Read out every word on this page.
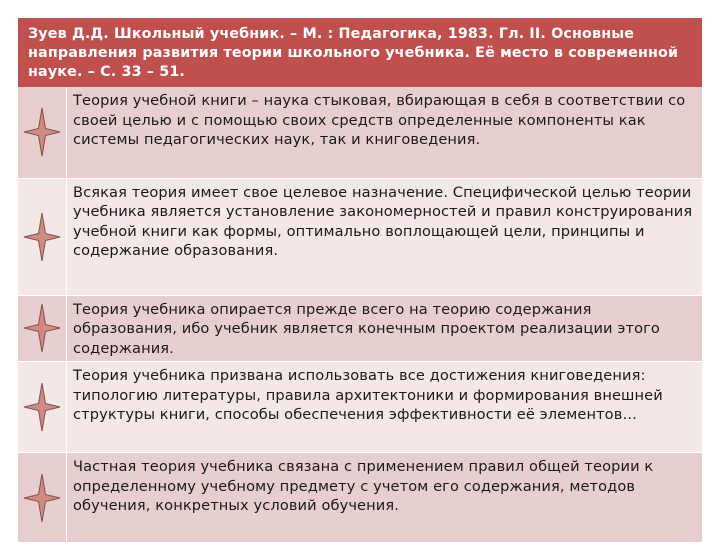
Зуев Д.Д. Школьный учебник. – М. : Педагогика, 1983. Гл. II. Основные направления развития теории школьного учебника. Её место в современной науке. – С. 33 – 51.	

	Теория учебной книги – наука стыковая, вбирающая в себя в соответствии со своей целью и с помощью своих средств определенные компоненты как системы педагогических наук, так и книговедения.

	Всякая теория имеет свое целевое назначение. Специфической целью теории учебника является установление закономерностей и правил конструирования учебной книги как формы, оптимально воплощающей цели, принципы и содержание образования.

	Теория учебника опирается прежде всего на теорию содержания образования, ибо учебник является конечным проектом реализации этого содержания.

	Теория учебника призвана использовать все достижения книговедения: типологию литературы, правила архитектоники и формирования внешней структуры книги, способы обеспечения эффективности её элементов…

	Частная теория учебника связана с применением правил общей теории к определенному учебному предмету с учетом его содержания, методов обучения, конкретных условий обучения.
